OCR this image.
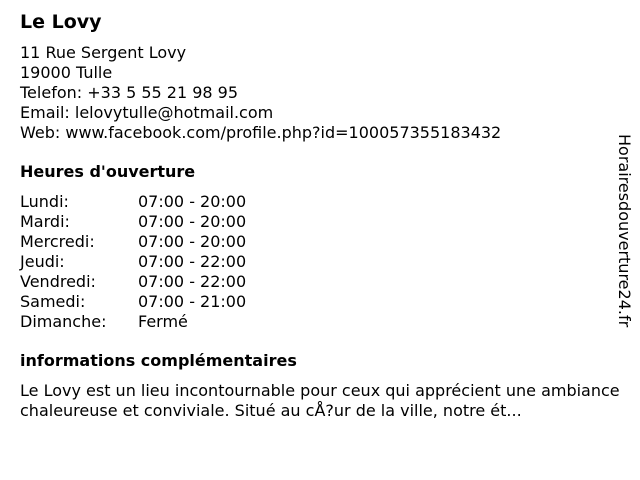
Le Lovy
11 Rue Sergent Lovy
19000 Tulle
Telefon: +33 5 55 21 98 95
Email: lelovytulle@hotmail.com
Web: www.facebook.com/profile.php?id=100057355183432
Heures d'ouverture
Lundi:	07:00 - 20:00
Mardi:	07:00 - 20:00
Mercredi:	07:00 - 20:00
Jeudi:	07:00 - 22:00
Vendredi:	07:00 - 22:00
Samedi:	07:00 - 21:00
Dimanche: Fermé
informations complémentaires
Le Lovy est un lieu incontournable pour ceux qui apprécient une ambiance chaleureuse et conviviale. Situé au cÅ?ur de la ville, notre ét...
Horairesdouverture24.fr
